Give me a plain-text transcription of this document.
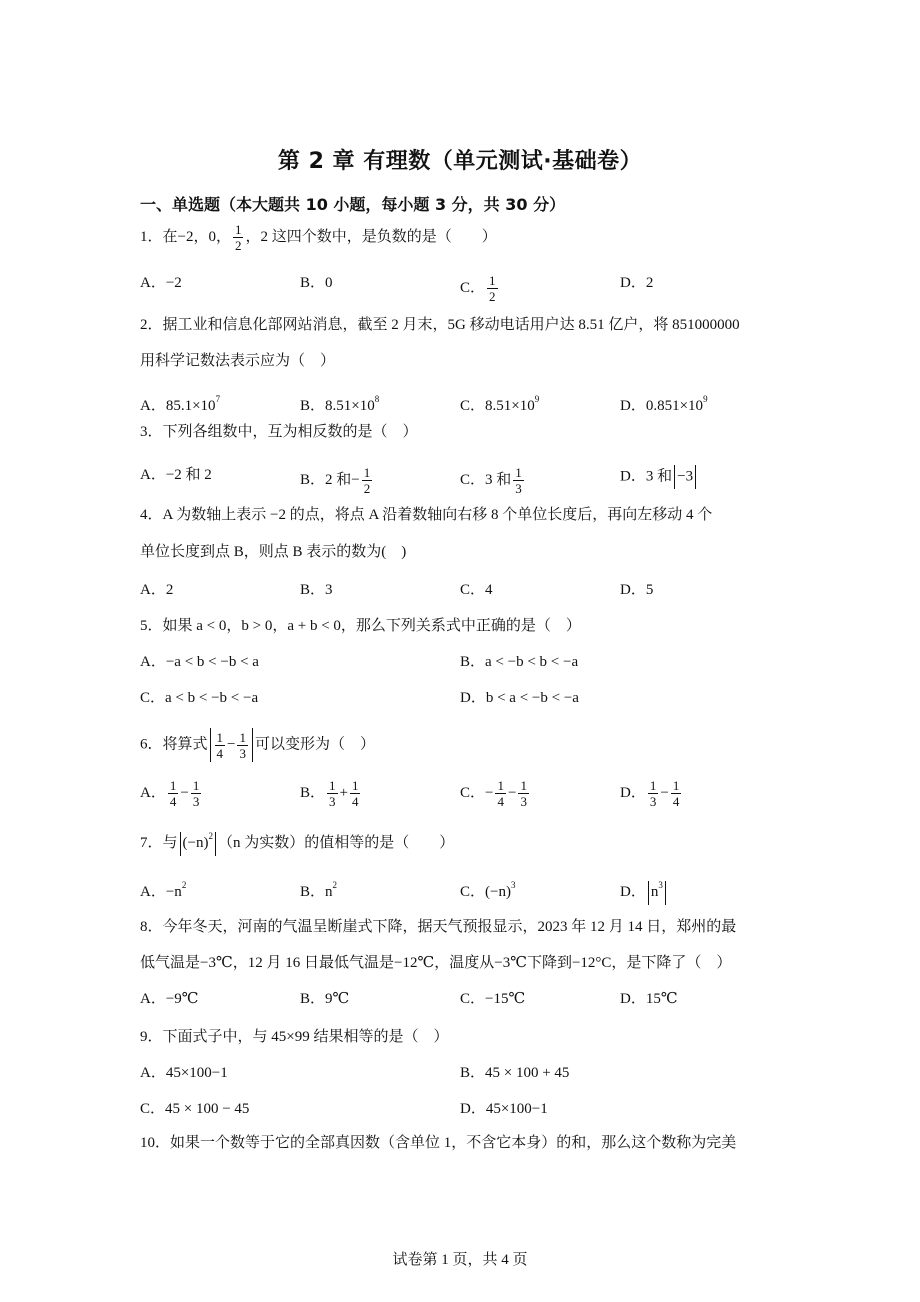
第 2 章 有理数（单元测试·基础卷）
一、单选题（本大题共 10 小题，每小题 3 分，共 30 分）
1．在−2，0， $\frac{1}{2}$ ，2 这四个数中，是负数的是（　　）
A．−2	B．0	C． $\frac{1}{2}$	D．2
2．据工业和信息化部网站消息，截至 2 月末，5G 移动电话用户达 8.51 亿户，将 851000000
用科学记数法表示应为（　）
A．$85.1\times 10^7$	B．$8.51\times 10^8$	C．$8.51\times 10^9$	D．$0.851\times 10^9$
3．下列各组数中，互为相反数的是（　）
A．−2 和 2	B．2 和− $\frac{1}{2}$	C．3 和 $\frac{1}{3}$	D．3 和 −3
4．A 为数轴上表示 −2 的点，将点 A 沿着数轴向右移 8 个单位长度后，再向左移动 4 个
单位长度到点 B，则点 B 表示的数为(　)
A．2	B．3	C．4	D．5
5．如果 a < 0，b > 0，a + b < 0，那么下列关系式中正确的是（　）
A．−a < b < −b < a	B．a < −b < b < −a
C．a < b < −b < −a	D．b < a < −b < −a
6．将算式 $\frac{1}{4} - \frac{1}{3}$ 可以变形为（　）
A． $\frac{1}{4} - \frac{1}{3}$	B． $\frac{1}{3} + \frac{1}{4}$	C．− $\frac{1}{4} - \frac{1}{3}$	D． $\frac{1}{3} - \frac{1}{4}$
7．与 $(-n)^2$ （n 为实数）的值相等的是（　　）
A．$-n^2$	B．$n^2$	C．$(-n)^3$	D． $n^3$
8．今年冬天，河南的气温呈断崖式下降，据天气预报显示，2023 年 12 月 14 日，郑州的最
低气温是−3℃，12 月 16 日最低气温是−12℃，温度从−3℃下降到−12°C，是下降了（　）
A．−9℃	B．9℃	C．−15℃	D．15℃
9．下面式子中，与 45×99 结果相等的是（　）
A．45×100−1	B．45 × 100 + 45
C．45 × 100 − 45	D．45×100−1
10．如果一个数等于它的全部真因数（含单位 1，不含它本身）的和，那么这个数称为完美
试卷第 1 页，共 4 页
